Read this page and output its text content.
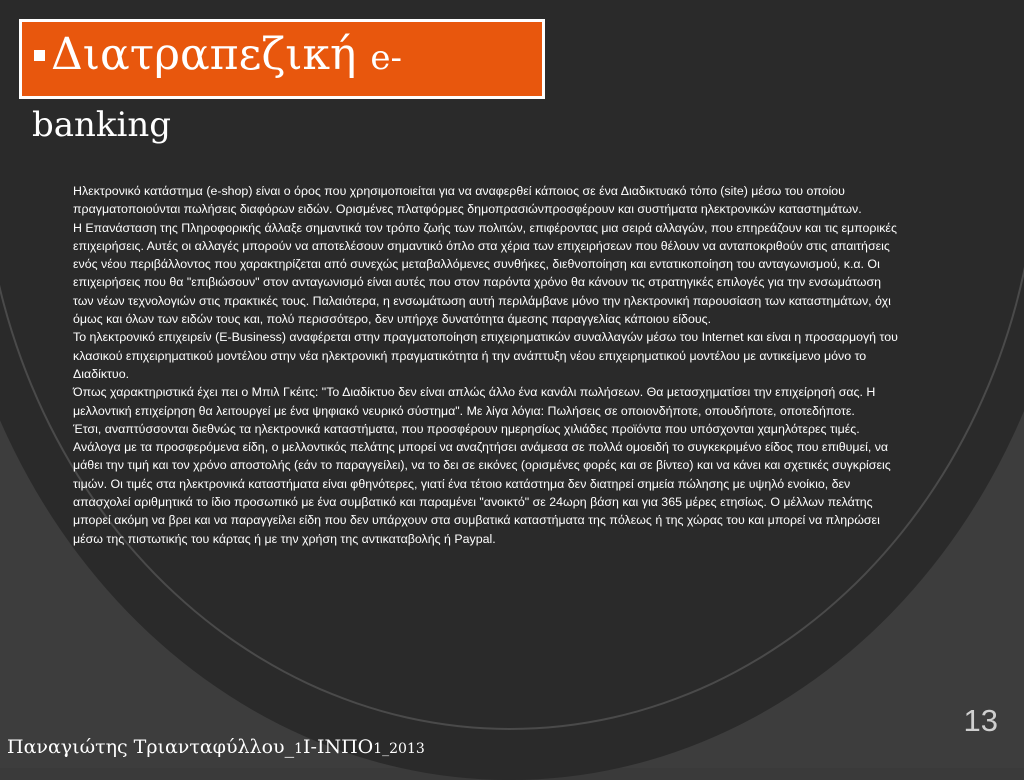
Διατραπεζική e-
banking

Ηλεκτρονικό κατάστημα (e-shop) είναι ο όρος που χρησιμοποιείται για να αναφερθεί κάποιος σε ένα Διαδικτυακό τόπο (site) μέσω του οποίου πραγματοποιούνται πωλήσεις διαφόρων ειδών. Ορισμένες πλατφόρμες δημοπρασιώνπροσφέρουν και συστήματα ηλεκτρονικών καταστημάτων.

Η Επανάσταση της Πληροφορικής άλλαξε σημαντικά τον τρόπο ζωής των πολιτών, επιφέροντας μια σειρά αλλαγών, που επηρεάζουν και τις εμπορικές επιχειρήσεις. Αυτές οι αλλαγές μπορούν να αποτελέσουν σημαντικό όπλο στα χέρια των επιχειρήσεων που θέλουν να ανταποκριθούν στις απαιτήσεις ενός νέου περιβάλλοντος που χαρακτηρίζεται από συνεχώς μεταβαλλόμενες συνθήκες, διεθνοποίηση και εντατικοποίηση του ανταγωνισμού, κ.α. Οι επιχειρήσεις που θα "επιβιώσουν" στον ανταγωνισμό είναι αυτές που στον παρόντα χρόνο θα κάνουν τις στρατηγικές επιλογές για την ενσωμάτωση των νέων τεχνολογιών στις πρακτικές τους. Παλαιότερα, η ενσωμάτωση αυτή περιλάμβανε μόνο την ηλεκτρονική παρουσίαση των καταστημάτων, όχι όμως και όλων των ειδών τους και, πολύ περισσότερο, δεν υπήρχε δυνατότητα άμεσης παραγγελίας κάποιου είδους.

Το ηλεκτρονικό επιχειρείν (E-Business) αναφέρεται στην πραγματοποίηση επιχειρηματικών συναλλαγών μέσω του Internet και είναι η προσαρμογή του κλασικού επιχειρηματικού μοντέλου στην νέα ηλεκτρονική πραγματικότητα ή την ανάπτυξη νέου επιχειρηματικού μοντέλου με αντικείμενο μόνο το Διαδίκτυο.

Όπως χαρακτηριστικά έχει πει ο Μπιλ Γκέιτς: "Το Διαδίκτυο δεν είναι απλώς άλλο ένα κανάλι πωλήσεων. Θα μετασχηματίσει την επιχείρησή σας. Η μελλοντική επιχείρηση θα λειτουργεί με ένα ψηφιακό νευρικό σύστημα". Με λίγα λόγια: Πωλήσεις σε οποιονδήποτε, οπουδήποτε, οποτεδήποτε.

Έτσι, αναπτύσσονται διεθνώς τα ηλεκτρονικά καταστήματα, που προσφέρουν ημερησίως χιλιάδες προϊόντα που υπόσχονται χαμηλότερες τιμές. Ανάλογα με τα προσφερόμενα είδη, ο μελλοντικός πελάτης μπορεί να αναζητήσει ανάμεσα σε πολλά ομοειδή το συγκεκριμένο είδος που επιθυμεί, να μάθει την τιμή και τον χρόνο αποστολής (εάν το παραγγείλει), να το δει σε εικόνες (ορισμένες φορές και σε βίντεο) και να κάνει και σχετικές συγκρίσεις τιμών. Οι τιμές στα ηλεκτρονικά καταστήματα είναι φθηνότερες, γιατί ένα τέτοιο κατάστημα δεν διατηρεί σημεία πώλησης με υψηλό ενοίκιο, δεν απασχολεί αριθμητικά το ίδιο προσωπικό με ένα συμβατικό και παραμένει "ανοικτό" σε 24ωρη βάση και για 365 μέρες ετησίως. Ο μέλλων πελάτης μπορεί ακόμη να βρει και να παραγγείλει είδη που δεν υπάρχουν στα συμβατικά καταστήματα της πόλεως ή της χώρας του και μπορεί να πληρώσει μέσω της πιστωτικής του κάρτας ή με την χρήση της αντικαταβολής ή Paypal.

13
Παναγιώτης Τριανταφύλλου_1Ι-ΙΝΠΟ1_2013
